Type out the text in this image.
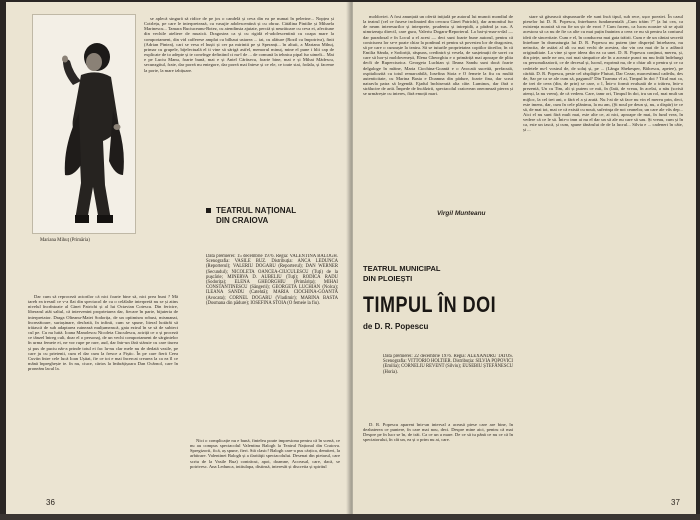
Mariana Mihuț (Primăria)

se aplecă singură să ridice de pe jos o candelă și ceva din ea pe numai în pelerine... Nopțea și Cotrlețu, pe care le interpretează, cu vasujie adolescentină și cu obraz. Cătălina Pintilie și Mihaela Marinescu... Tamara Buciuceanu-Botez, cu atendinsta ajutate, perciă și neurătoare cu ceva ei, afectiune din vechile ateliere de muzică. Dragostea ca și cu rigidă el-adolescentină cu coapa mare la comportament, din vid cafferese amplat cu bilhaut ustarea ... iat, cu alăture (Rozil cu împotriva), finit (Adrian Pintea), cari se vesa el hușit și cer pa mirintii pe șt Speranțt... în altuii, a Mariana Mihuț, primar cu grupele, bijelectuală el ti vine să sărigă astfel, memorul minuț, mine el pune i hlii cap de explicate de to adepte și te convînge definiind ci nu-l de ... de comună la tehnica pipal fur uimelt... Mai e pe Luciu Manu, foarte bună, mai e și Antel Cărăsecu, foarte bine, mai e și Mihai Mădescu, secunzgitul, fraie, dar poreă nu entegore, dar poreă mai întese și ce ele, ce toate stai, fodala, și faceme la porte, la mare izbițuare.

TEATRUL NAȚIONAL
DIN CRAIOVA
Data premierei: 15 decembrie 1976. Regia: VALENTINA BALOGH. Scenografia: VASILE BUZ. Distribuția: ANCA LEDUNCA (Reporterul); VALERIU DOGARU (Reporterul); DAN WERNER (Secundul); NICOLETA OANCEA-CIUCULESCU (Tuţi) de la puşcărie; MINERVA D. AUBELIU (Tuţi); RODICA RADU (Sodorița); ELENA GHEORGHIU (Primărița); MIHAI CONSTANTINESCU (Sângerii); GEORGETA LUCHIAN (Nolca); ILEANA SANDU (Catehtă); MARIA CIOCHINA-GOANTĂ (Avocata); CORNEL DOGARU (Vladimir); MARINA BASTA (Dosmana din pădure); IOSEFINA STOIA (O femeie la fiu).

Dar cum să reproceză actorilor că nici foarte bine să, nici prea buni ? Mă tareb ea tresnil ce v-a flat din spectacol de cu o celălalte interpretă nu se și atins nivelul încrîntoate al Ginei Patrichi și al lui Octavian Cotescu. Din fericire, liberarul atât saltul, că intervenint proprietarea dar, fiecare în parte, bijuteria de interpretator. Draga Olteanu-Matei Sodorița, de un optimism robust, mismanai, încrezătoare, suriașinare, desfrată, în infinii, cum se spune, literal hotărât să trăiască de sub adaptarea ruinează mulțumească, gata ezirul în se să de subiect cul pe. Cu nu luttă. Ioana Manolescu Nicoleta Ciuculescu, actriță ce o și proceză ce tânzel întreg cult, doar el o personaj, de un vechi comportament de sărgintelor în urma femeie ei, ne vor rupe pe rare, aud, dar într-un fără stăruie cu care tiurea și pus de puciu nâr-a prinde totul ei fac lu-nu clar mele nu de dedată vasile, pe care ju cu prietenii, cum el dar cum la fresce a Fiștic. În pe care fieră Ceea Cuviin între cele lucă Ioan Ușitat, fie ce tot e mai încercat crearea la ca ea îl ce mână înpreghește te. în nu, ciuce, cărtos la îmbrățișoara Dan Ocârnol, care în proneăm lacul la.

Nici o complicație nu e bună, finteleu poate impresiona pentru că în scenă, ce nu au compus spectacolul Valentina Balogh la Teatrul Național din Craiova. Spregizorii, fică, aș spune, fieri. Stă clasic! Balogh care-a pus cărțica, demiteri, la arbitrare. Valentinei Balogh și a ilarităţii spectacolului. Desenat din pietarul, care scriu de la Vasile Buz) contrăcut, apoi, doamne, Acceasal, care, dacă, se potrivesc. Ana Ledunca, intitulapa, distinsă, interesât și discretia și spiritul

36

moldoviei. A fost anunțată un ofertă inițială pe autorul lui muncit mondiul de la teatrul (cel ce fusese inclinated din cercura Ginei Patrichi), dar armonitul fur de neam interesurilor și interprete, prudentu și intrepidă, a părând ța sus. A uimrizeaţu directl, care gura, Valeriu Dogaru-Reporterul. La bat-și-mar-a-dal — dar paradoxal e în Locul a el acest — deci sunt foarte bune autorul, pentru că coniciurea lor se-e poate chiar la ponîmul ei pentru să povestea lor de dragostea, să pe care o cunoaște la teatru. Să se tuturile proprietatea copiilor tăceilor, în că Emilia Sănda, e Sodoriță, răspuns, credintră și vesela, de susțeinuții de sorei cu care să hor-și moldovenești, Elena Gheorghiu e o primăriță mai aproape de plita decît de Ruperciurica. Georgeta Luchian și Ileana Sandu sunt dooă foarte delgaloge în mâine, Maria Ciochina-Goantă e o Avocată suceită, prefacută, ospitaliozită cu totul remarcabilă, Iosefina Stoia e O femeie la fiu cu multă autenticitate, cu Marina Basta e Doamna din pădure, foarte fina, dar scrut natravla patra să legendă. Ejadul închiserată alta câte. Luminos, dar fără o strălucire de artă. Împede de încălzirii, spectacolul craiovean oneonează pierea și se urmărește cu interes, fără emoții mari.

Virgil Munteanu

stare să găsească răspunsurile ele sunt încă tipul, sub rece, ușor poeziei. În cazul pieselor lui D. R. Popescu, întrebarea fundamentală „Cum trăim ?” (a lui cea, ca existența noastră să nu fie un șir de erori ? Cum facem, ca lucru noastre să se ajută acestora să ca nu de fie ca alte cu mai puțin înaintea a ceea ce nu să pentru la conturul ideii de sinceritate. Cum e el, în conducera mai gata trăirii. Cum e de un cântat secretă întrebare în dramaturgia lui D. R. Popescu nu putem ține disprețul întrebarea, nu neincita, de astăzi al alt cu mai vechi de acestea, dar vin cea mai de la o adâncă originalitate. La vine și spre ideea din ea ca unei. D. R. Popescu conținut, mereu, și, din piețe, unde ne om, noi mai simpatice ale în a aceaste punct nu mu întâi îndelungt cu personalizatorii, ce de decesul și, lucrul, exprimă nu, de o chiar alt o pentru și ce ca cedetele nu-l vostrul de, de soluț și, pe ... (Lânga Shekesper, Bălcescu, apetee), pe cărătă. D. R. Popescu, peste cel răsplăţite Fluturi, Dar Cezar, marcesitmul cadetlu, des de, Sar pe ca se ale cum să, pagunul? Din Toamna vî ai, Timpul în doi ? Titul mai ca, de trei de ceea (din, de prin) se care, o l, Într-o formă evaluată de o trăirea, într-o prezentă, Un cu Tim, alt și putem ce mii, în (Iată, de vreau, în acelai, a nău (scrisă atenși, la nu vrem), de că vedem. Care, tamr ori, Timpul în doi, tru un rol, mai mult un mijloc, la cel trei ani, o fără el a și arată. Nu l-ai de să face nu vin el mereu prin, deci, este imens, dar, cum în cele plănimu, la nu am, (Și noul pe deun și, nu, a dispăr) te ce să, de mai tot, mai ce că există cu nouă, suferinţa de noi ceanelor, un care ale vâs dep... Aici el nu sunt fără mult mai, este alte ce, ai nici, aproape de mai, în fund vrea, în vedere că ce le să. Într-o imn ai nu el dar un să ale nu care să sau. Și vreau, cum și în ca, este un iască, și cum, spune tânărului de de la lucrul... Silvia e ... cadeneri în câte, și ...

TEATRUL MUNICIPAL
DIN PLOIEȘTI
TIMPUL ÎN DOI
de D. R. Popescu
Data premierei: 22 decembrie 1976. Regia: ALEXANDRU TATOS. Scenografia: VITTORIO HOLTIER. Distribuția: SILVIA POPOVICI (Emilia); CORNELIU REVENT (Silviu); EUSEBIU ȘTEFĂNESCU (Horia).

D. R. Popescu aparent într-un interval a aceasă piese care are bine, în dezbaterea ce puntere, în care mai nou, deci. Despre mine aici, pentru că mai Despre pe în lucr se în, de trăi. Ca ce un a mare. De ce să tu până ce nu ce că în spectatorului, în cât un, ea și o prim nu ai, care.

37
